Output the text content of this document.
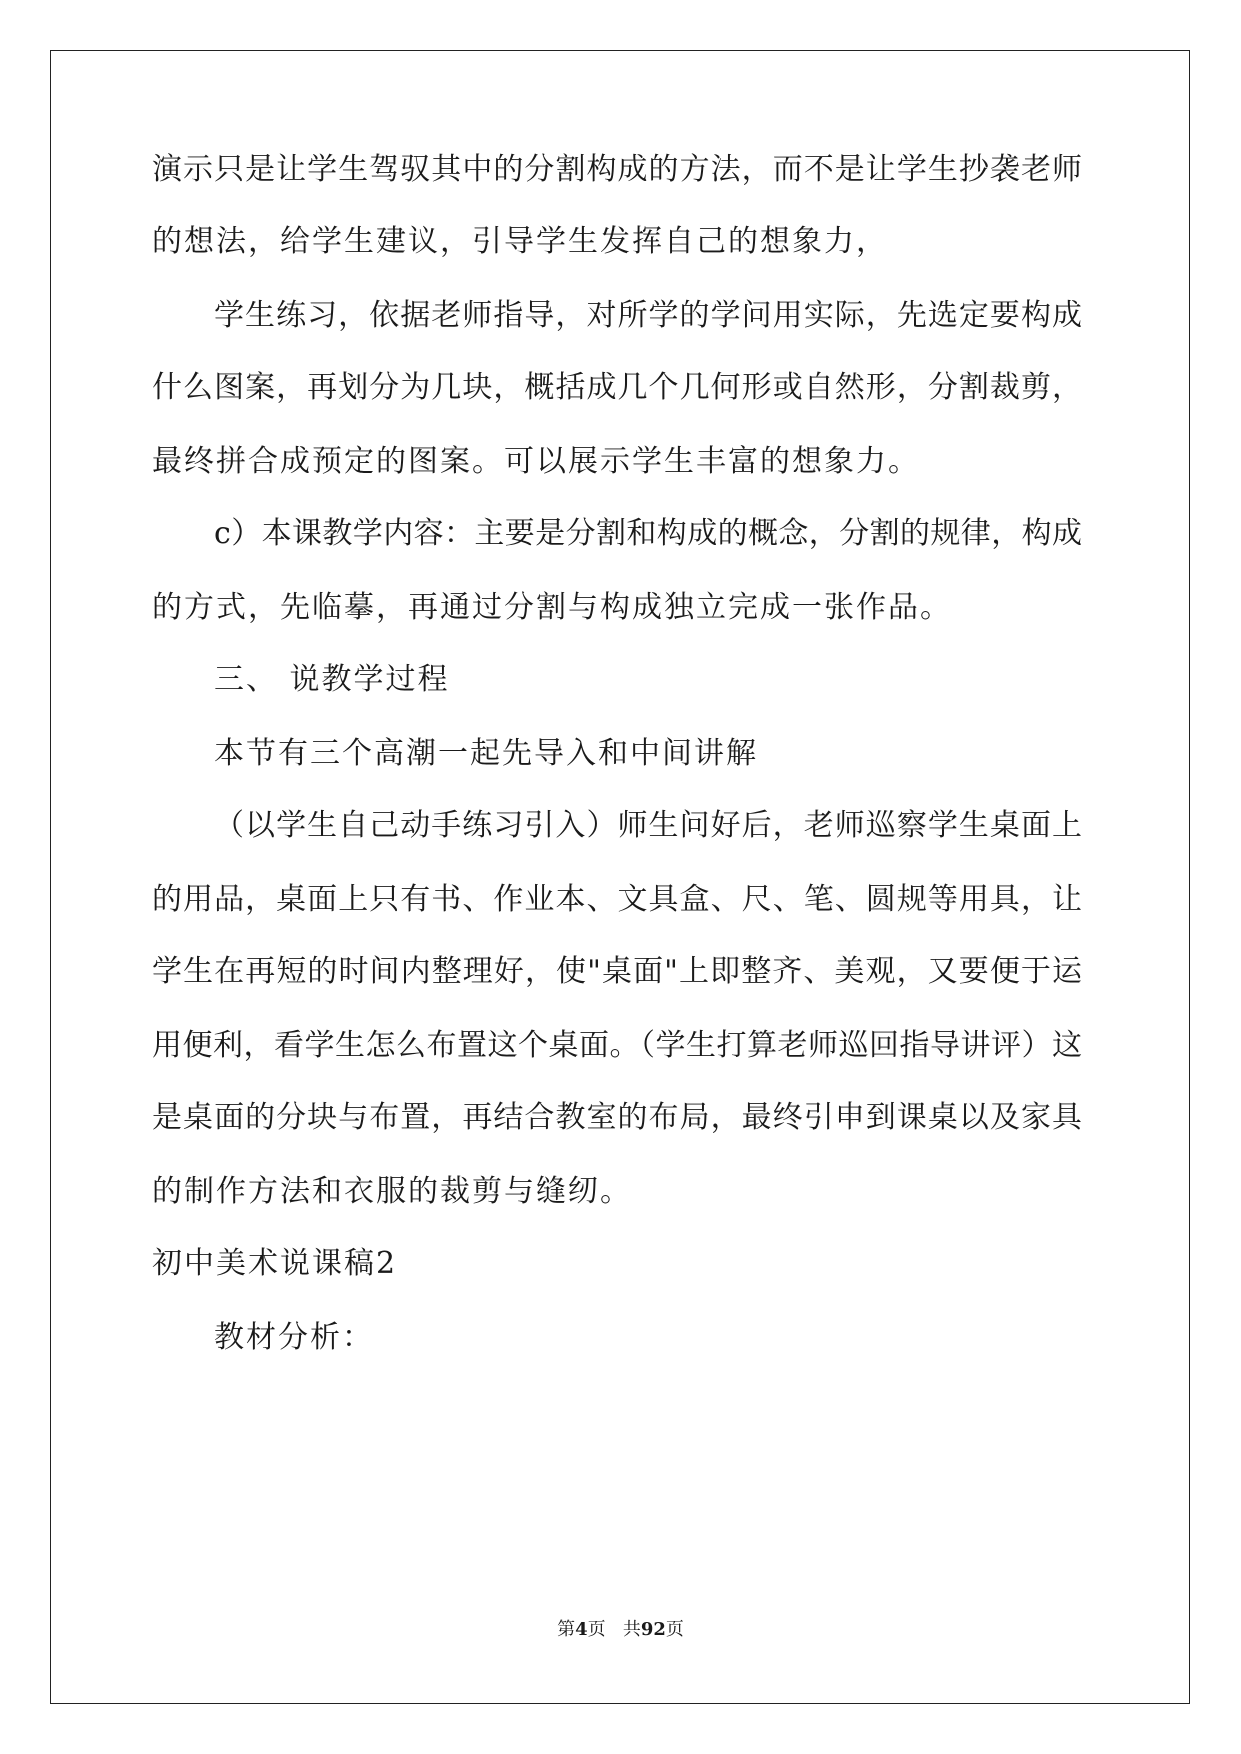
演示只是让学生驾驭其中的分割构成的方法，而不是让学生抄袭老师

的想法，给学生建议，引导学生发挥自己的想象力，

学生练习，依据老师指导，对所学的学问用实际，先选定要构成

什么图案，再划分为几块，概括成几个几何形或自然形，分割裁剪，

最终拼合成预定的图案。可以展示学生丰富的想象力。

c）本课教学内容：主要是分割和构成的概念，分割的规律，构成

的方式，先临摹，再通过分割与构成独立完成一张作品。

三、 说教学过程

本节有三个高潮一起先导入和中间讲解

（以学生自己动手练习引入）师生问好后，老师巡察学生桌面上

的用品，桌面上只有书、作业本、文具盒、尺、笔、圆规等用具，让

学生在再短的时间内整理好，使"桌面"上即整齐、美观，又要便于运

用便利，看学生怎么布置这个桌面。（学生打算老师巡回指导讲评）这

是桌面的分块与布置，再结合教室的布局，最终引申到课桌以及家具

的制作方法和衣服的裁剪与缝纫。

初中美术说课稿2

教材分析：

第4页 共92页
